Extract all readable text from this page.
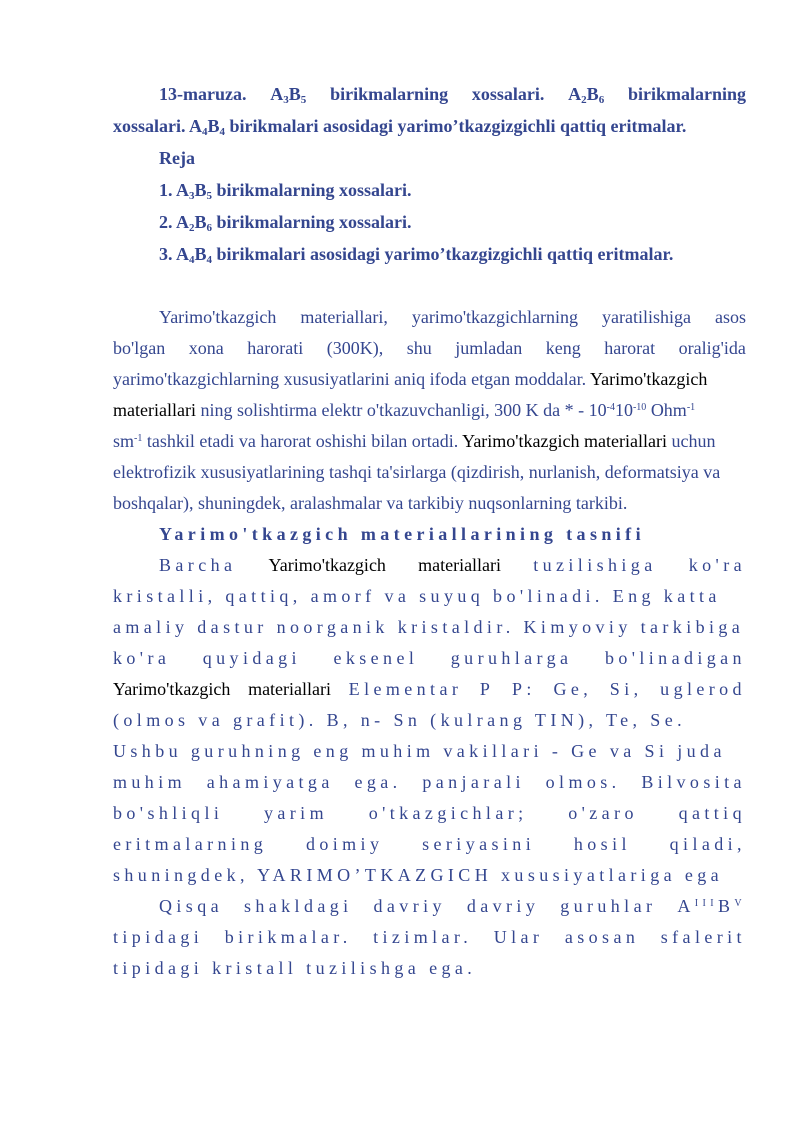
13-maruza. $A_3B_5$ birikmalarning xossalari. $A_2B_6$ birikmalarning
xossalari. $A_4B_4$ birikmalari asosidagi yarimo’tkazgizgichli qattiq eritmalar.
Reja
1. $A_3B_5$ birikmalarning xossalari.
2. $A_2B_6$ birikmalarning xossalari.
3. $A_4B_4$ birikmalari asosidagi yarimo’tkazgizgichli qattiq eritmalar.
Yarimo'tkazgich materiallari, yarimo'tkazgichlarning yaratilishiga asos
bo'lgan xona harorati (300K), shu jumladan keng harorat oralig'ida
yarimo'tkazgichlarning xususiyatlarini aniq ifoda etgan moddalar. Yarimo'tkazgich
materiallari ning solishtirma elektr o'tkazuvchanligi, 300 K da * - $10^{-4}10^{-10}$ Ohm$^{-1}$
$sm^{-1}$ tashkil etadi va harorat oshishi bilan ortadi. Yarimo'tkazgich materiallari uchun
elektrofizik xususiyatlarining tashqi ta'sirlarga (qizdirish, nurlanish, deformatsiya va
boshqalar), shuningdek, aralashmalar va tarkibiy nuqsonlarning tarkibi.
Yarimo'tkazgich materiallarining tasnifi
Barcha Yarimo'tkazgich materiallari tuzilishiga ko'ra
kristalli, qattiq, amorf va suyuq bo'linadi. Eng katta
amaliy dastur noorganik kristaldir. Kimyoviy tarkibiga
ko'ra quyidagi eksenel guruhlarga bo'linadigan
Yarimo'tkazgich materiallari Elementar P P: Ge, Si, uglerod
(olmos va grafit). B, n- Sn (kulrang TIN), Te, Se.
Ushbu guruhning eng muhim vakillari - Ge va Si juda
muhim ahamiyatga ega. panjarali olmos. Bilvosita
bo'shliqli yarim o'tkazgichlar; o'zaro qattiq
eritmalarning doimiy seriyasini hosil qiladi,
shuningdek, YARIMO’TKAZGICH xususiyatlariga ega
Qisqa shakldagi davriy davriy guruhlar $A^{III}B^V$
tipidagi birikmalar. tizimlar. Ular asosan sfalerit
tipidagi kristall tuzilishga ega.
